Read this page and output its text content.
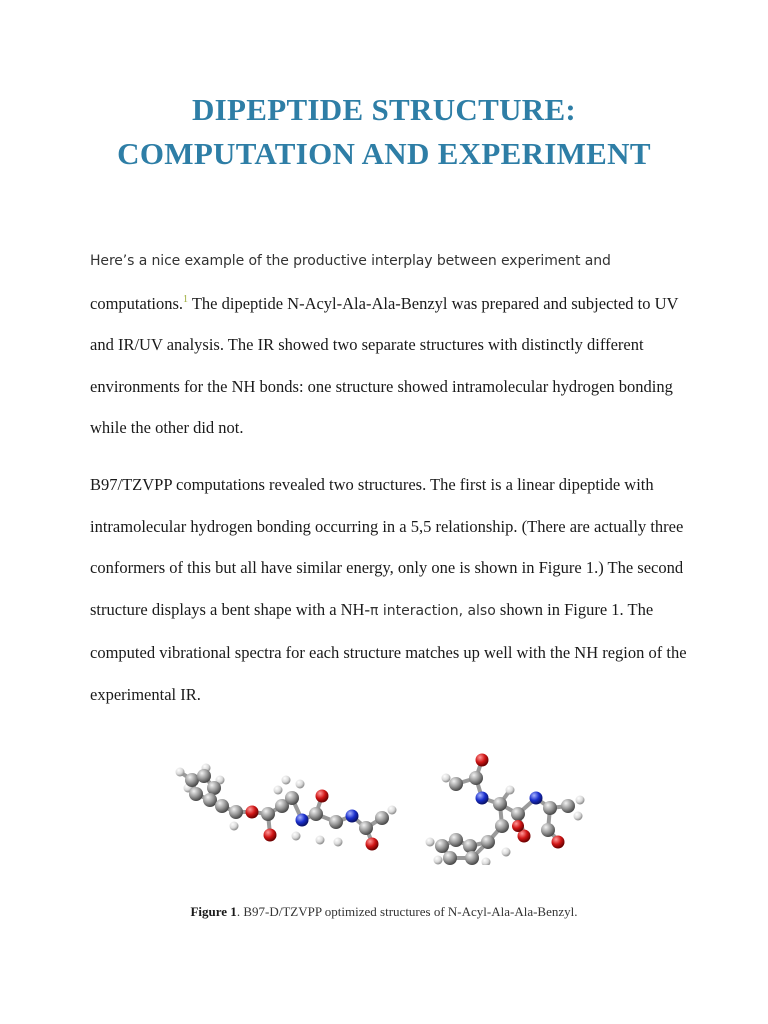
DIPEPTIDE STRUCTURE:
COMPUTATION AND EXPERIMENT

Here’s a nice example of the productive interplay between experiment and
computations.$^1$ The dipeptide N-Acyl-Ala-Ala-Benzyl was prepared and subjected to UV and IR/UV analysis. The IR showed two separate structures with distinctly different environments for the NH bonds: one structure showed intramolecular hydrogen bonding while the other did not.

B97/TZVPP computations revealed two structures. The first is a linear dipeptide with intramolecular hydrogen bonding occurring in a 5,5 relationship. (There are actually three conformers of this but all have similar energy, only one is shown in Figure 1.) The second structure displays a bent shape with a NH-π interaction, also shown in Figure 1. The computed vibrational spectra for each structure matches up well with the NH region of the experimental IR.

Figure 1. B97-D/TZVPP optimized structures of N-Acyl-Ala-Ala-Benzyl.
